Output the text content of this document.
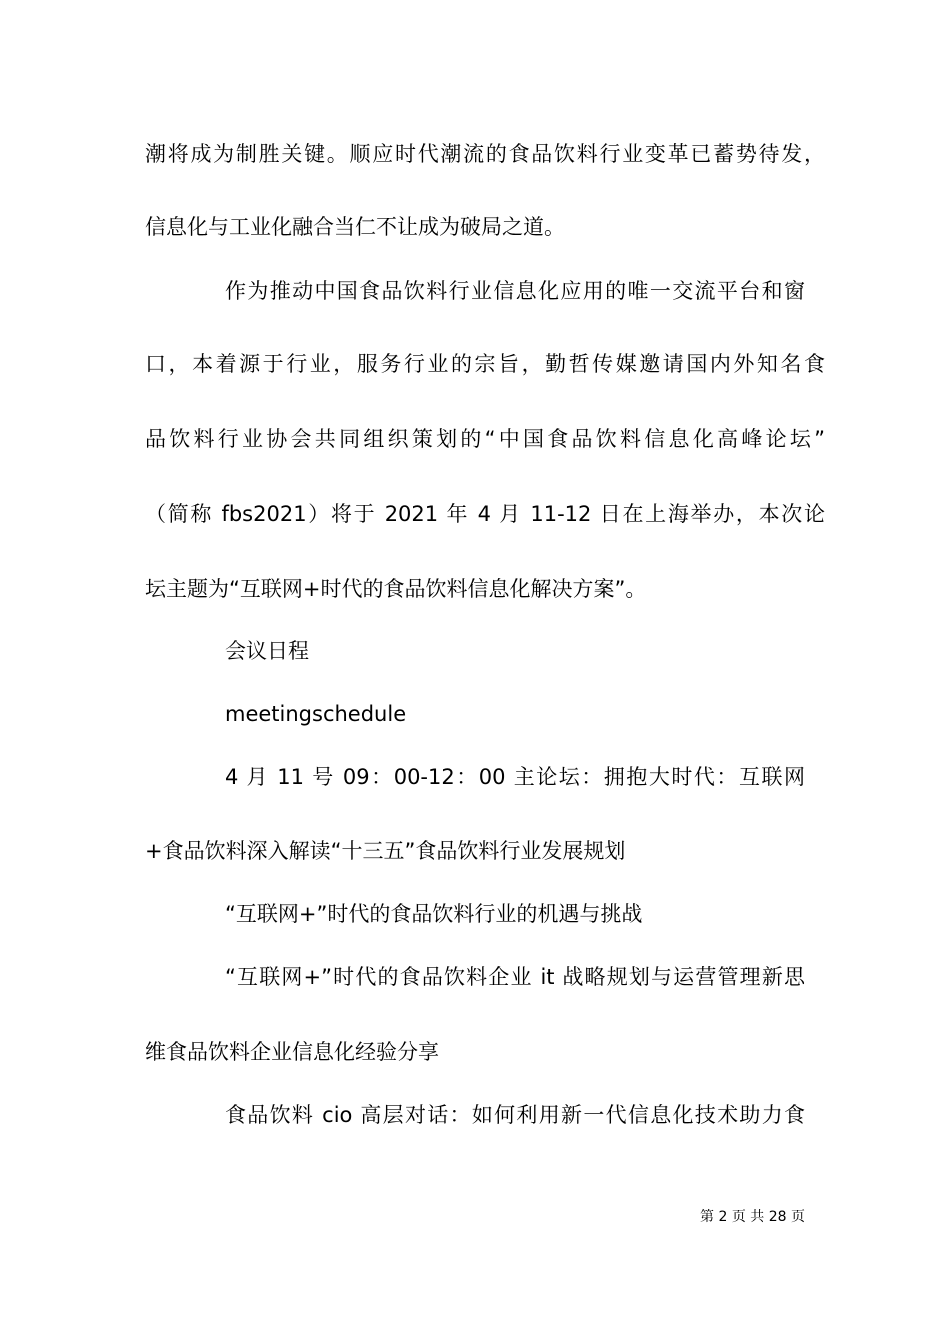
潮将成为制胜关键。顺应时代潮流的食品饮料行业变革已蓄势待发，
信息化与工业化融合当仁不让成为破局之道。
作为推动中国食品饮料行业信息化应用的唯一交流平台和窗
口，本着源于行业，服务行业的宗旨，勤哲传媒邀请国内外知名食
品饮料行业协会共同组织策划的“中国食品饮料信息化高峰论坛”
（简称 fbs2021）将于 2021 年 4 月 11-12 日在上海举办，本次论
坛主题为“互联网+时代的食品饮料信息化解决方案”。
会议日程
meetingschedule
4 月 11 号 09：00-12：00 主论坛：拥抱大时代：互联网
+食品饮料深入解读“十三五”食品饮料行业发展规划
“互联网+”时代的食品饮料行业的机遇与挑战
“互联网+”时代的食品饮料企业 it 战略规划与运营管理新思
维食品饮料企业信息化经验分享
食品饮料 cio 高层对话：如何利用新一代信息化技术助力食
第 2 页 共 28 页
